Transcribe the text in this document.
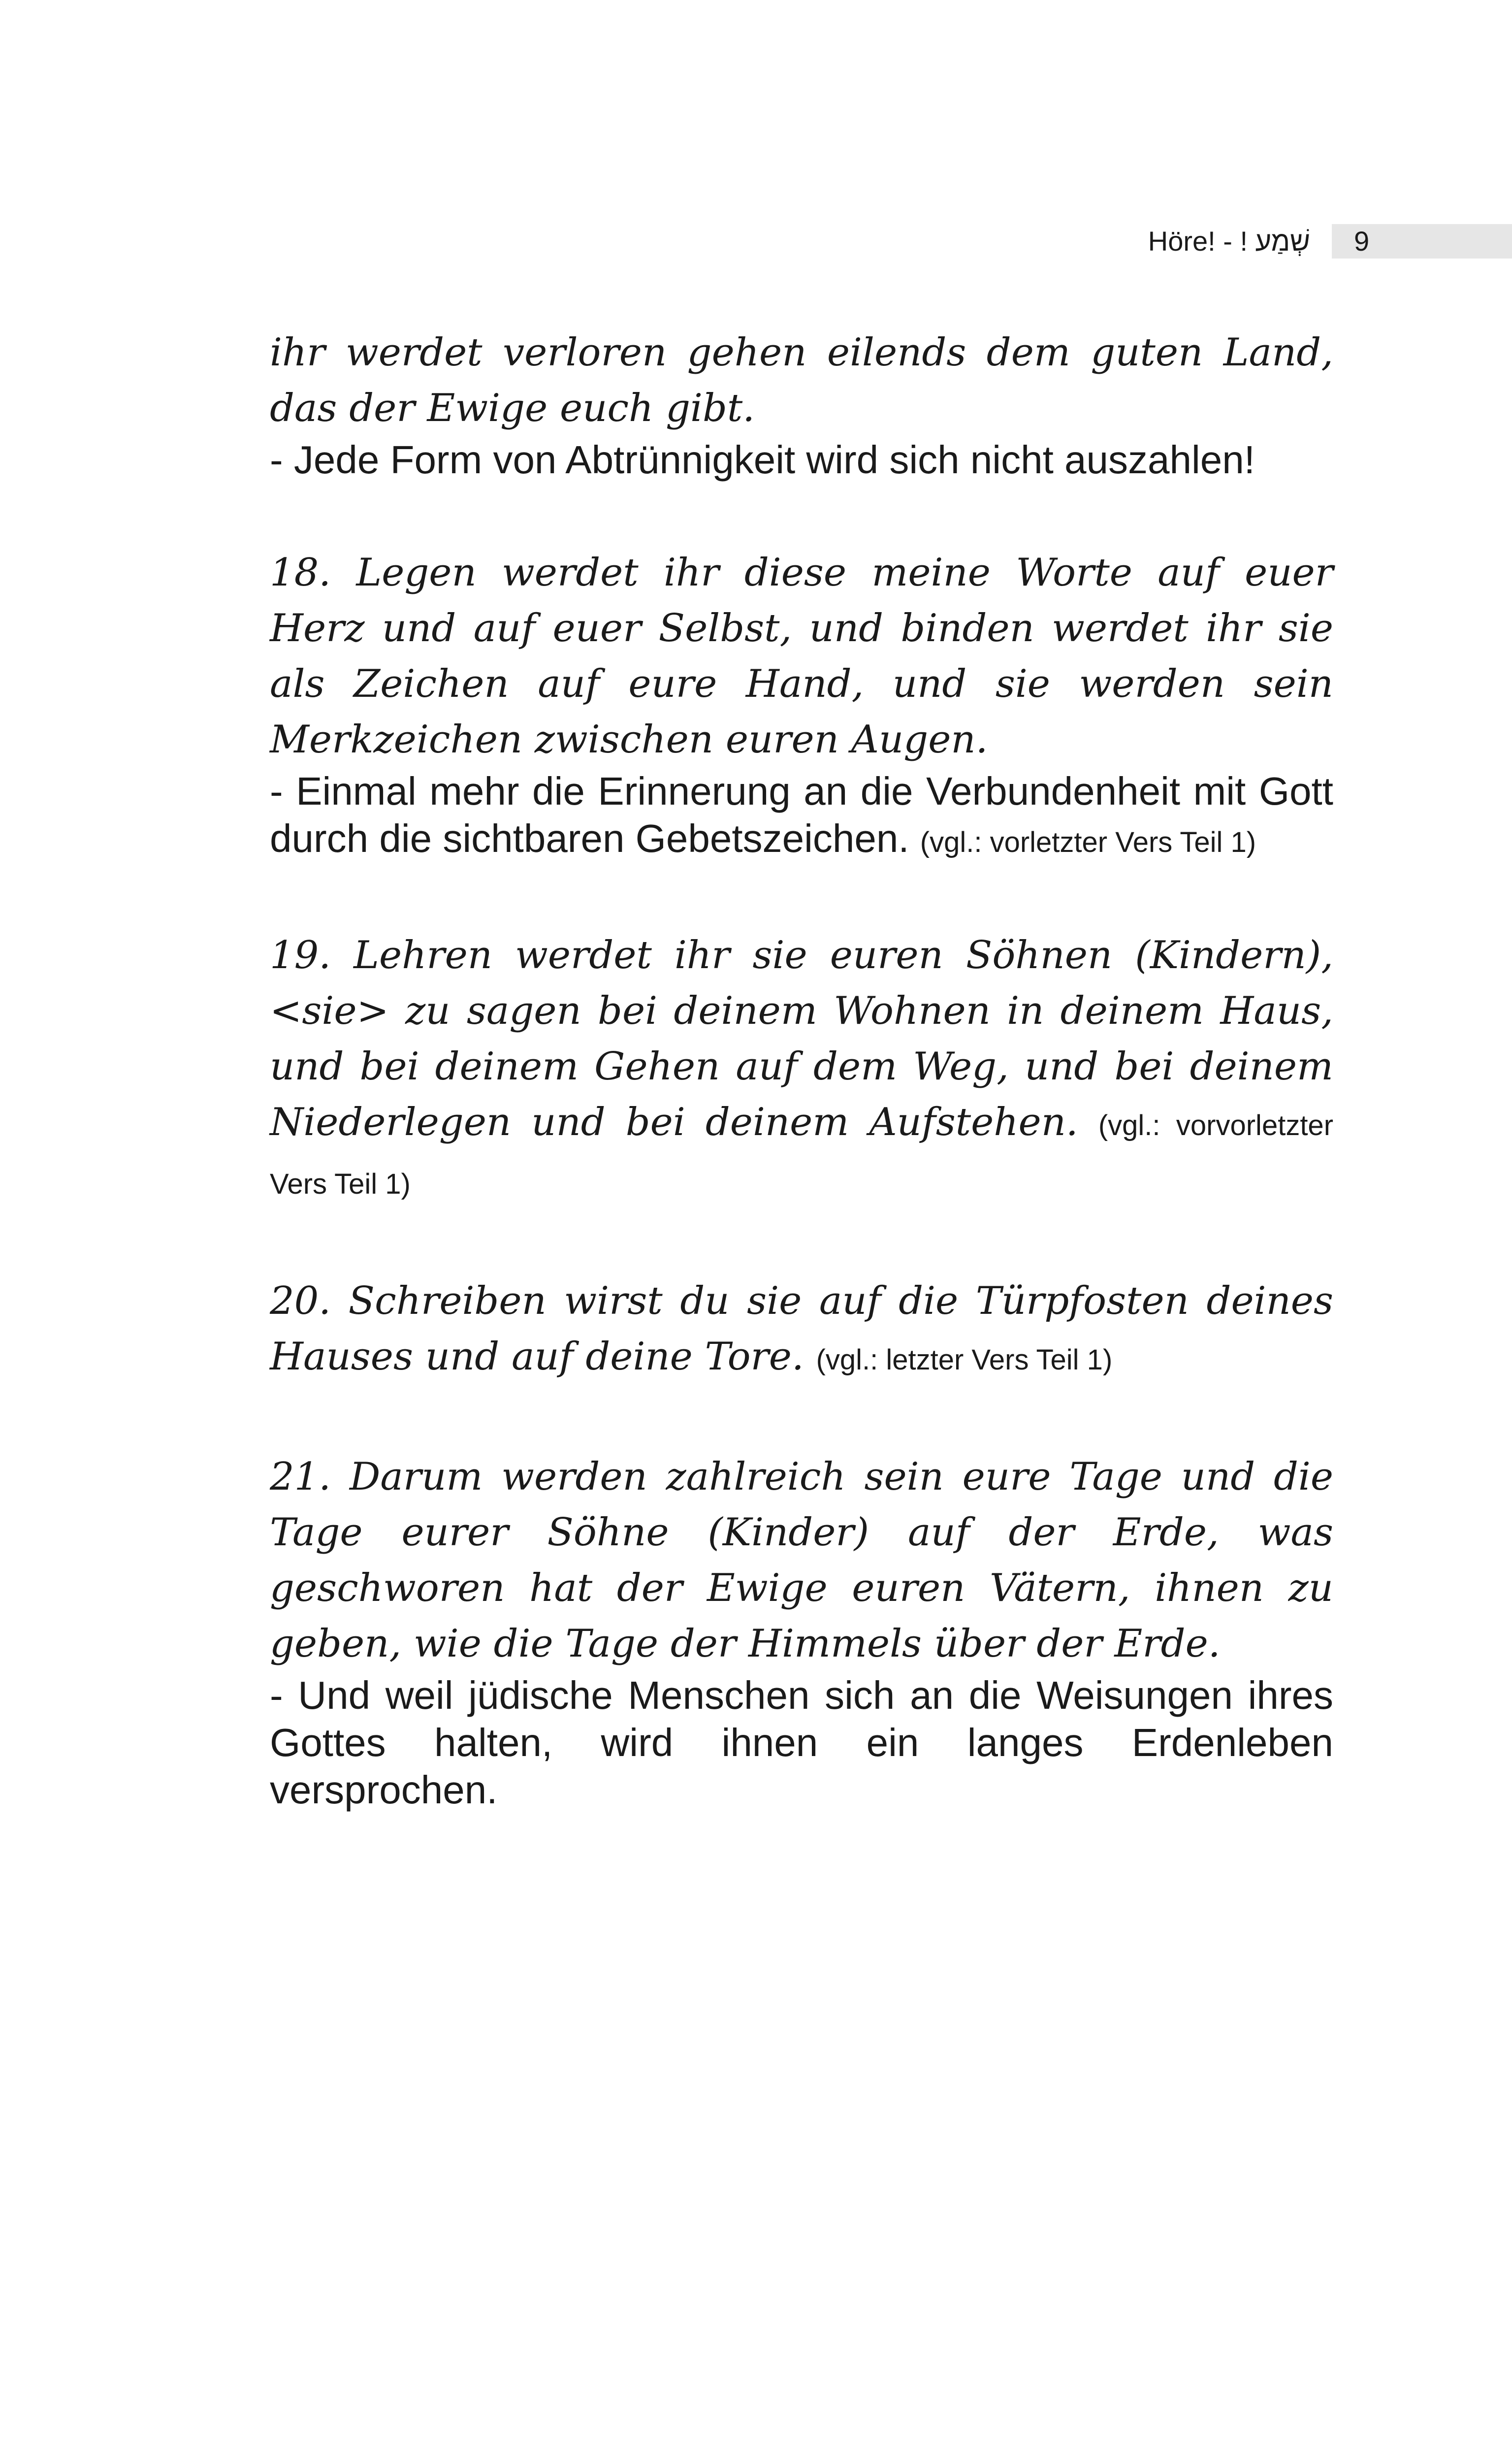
Höre! - ! שְׁמַע 9

ihr werdet verloren gehen eilends dem guten Land, das der Ewige euch gibt.

- Jede Form von Abtrünnigkeit wird sich nicht auszahlen!

18. Legen werdet ihr diese meine Worte auf euer Herz und auf euer Selbst, und binden werdet ihr sie als Zeichen auf eure Hand, und sie werden sein Merkzeichen zwischen euren Augen.

- Einmal mehr die Erinnerung an die Verbundenheit mit Gott durch die sichtbaren Gebetszeichen. (vgl.: vorletzter Vers Teil 1)

19. Lehren werdet ihr sie euren Söhnen (Kindern), <sie> zu sagen bei deinem Wohnen in deinem Haus, und bei deinem Gehen auf dem Weg, und bei deinem Niederlegen und bei deinem Aufstehen. (vgl.: vorvorletzter Vers Teil 1)

20. Schreiben wirst du sie auf die Türpfosten deines Hauses und auf deine Tore. (vgl.: letzter Vers Teil 1)

21. Darum werden zahlreich sein eure Tage und die Tage eurer Söhne (Kinder) auf der Erde, was geschworen hat der Ewige euren Vätern, ihnen zu geben, wie die Tage der Himmels über der Erde.

- Und weil jüdische Menschen sich an die Weisungen ihres Gottes halten, wird ihnen ein langes Erdenleben versprochen.
